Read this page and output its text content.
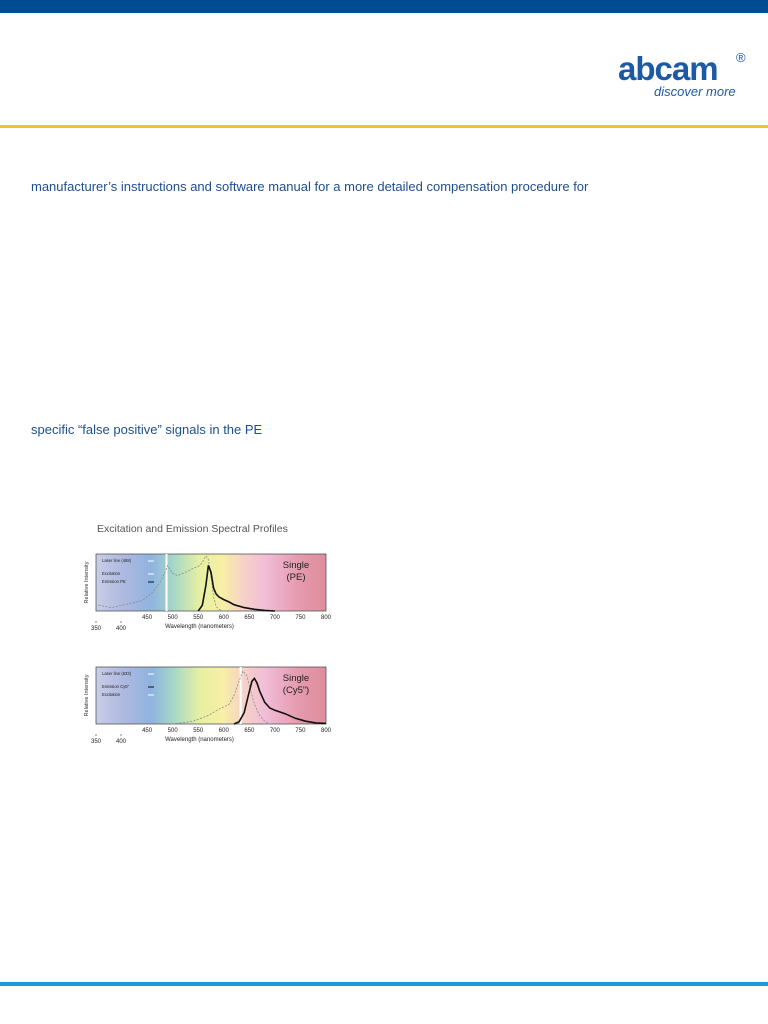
abcam ®
discover more
manufacturer’s instructions and software manual for a more detailed compensation procedure for
specific “false positive” signals in the PE
Excitation and Emission Spectral Profiles
Relative Intensity
Laser line (488)
Excitation
Emission PE
Single
(PE)
450	500	550	600	650	700	750	800
350 400	Wavelength (nanometers)
Relative Intensity
Laser line (633)
Emission Cy5”
Excitation
Single
(Cy5”)
450	500	550	600	650	700	750	800
350 400	Wavelength (nanometers)
